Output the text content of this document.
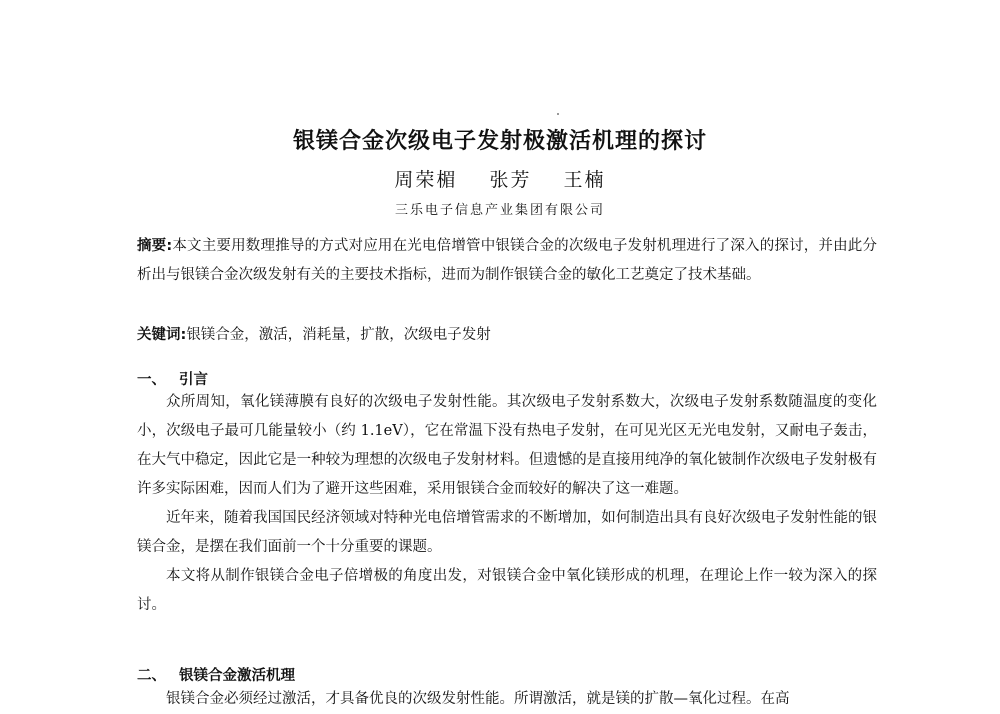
银镁合金次级电子发射极激活机理的探讨
周荣楣 张芳 王楠
三乐电子信息产业集团有限公司
摘要:本文主要用数理推导的方式对应用在光电倍增管中银镁合金的次级电子发射机理进行了深入的探讨，并由此分析出与银镁合金次级发射有关的主要技术指标，进而为制作银镁合金的敏化工艺奠定了技术基础。
关键词:银镁合金，激活，消耗量，扩散，次级电子发射
一、 引言

众所周知，氧化镁薄膜有良好的次级电子发射性能。其次级电子发射系数大，次级电子发射系数随温度的变化小，次级电子最可几能量较小（约 1.1eV），它在常温下没有热电子发射，在可见光区无光电发射，又耐电子轰击，在大气中稳定，因此它是一种较为理想的次级电子发射材料。但遗憾的是直接用纯净的氧化铍制作次级电子发射极有许多实际困难，因而人们为了避开这些困难，采用银镁合金而较好的解决了这一难题。

近年来，随着我国国民经济领域对特种光电倍增管需求的不断增加，如何制造出具有良好次级电子发射性能的银镁合金，是摆在我们面前一个十分重要的课题。

本文将从制作银镁合金电子倍增极的角度出发，对银镁合金中氧化镁形成的机理，在理论上作一较为深入的探讨。

二、 银镁合金激活机理

银镁合金必须经过激活，才具备优良的次级发射性能。所谓激活，就是镁的扩散—氧化过程。在高
